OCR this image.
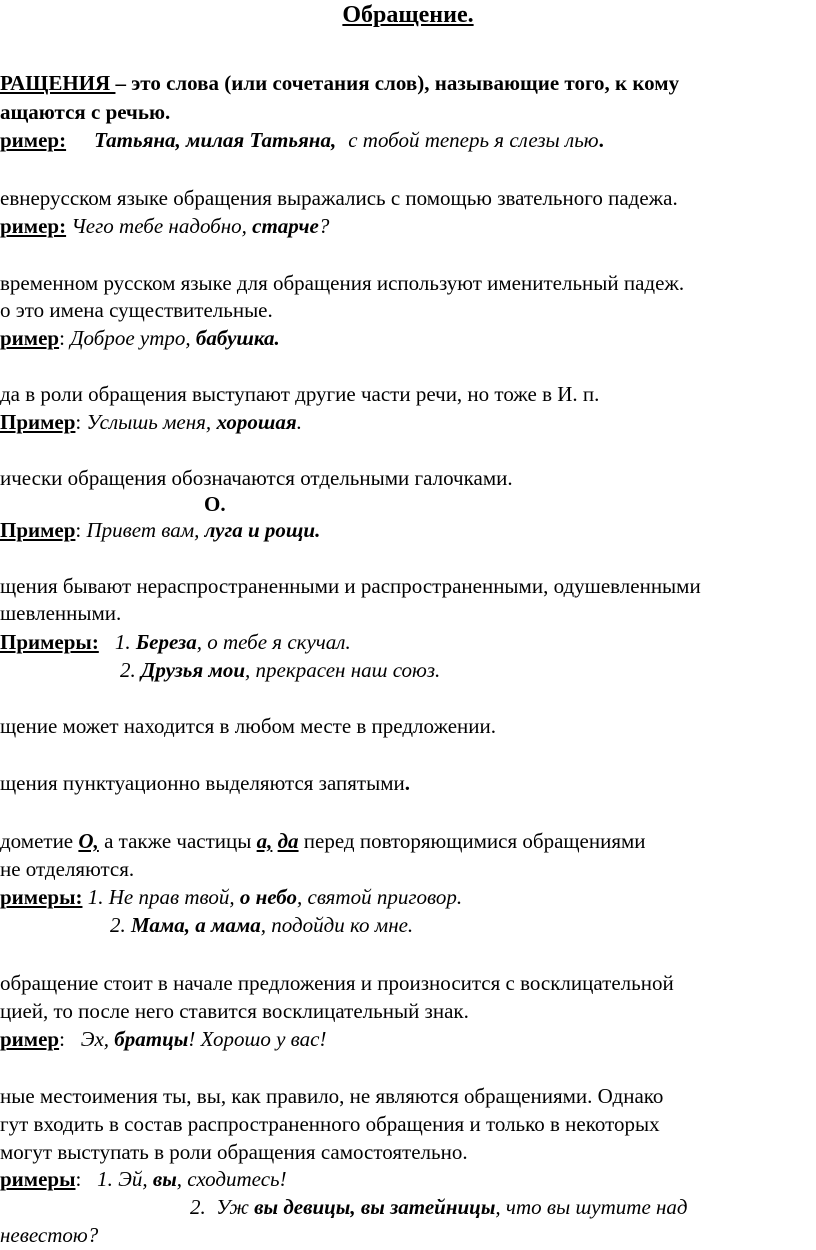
Обращение.
РАЩЕНИЯ – это слова (или сочетания слов), называющие того, к кому
ащаются с речью.
ример: Татьяна, милая Татьяна, с тобой теперь я слезы лью.
евнерусском языке обращения выражались с помощью звательного падежа.
ример: Чего тебе надобно, старче?
временном русском языке для обращения используют именительный падеж.
о это имена существительные.
ример: Доброе утро, бабушка.
да в роли обращения выступают другие части речи, но тоже в И. п.
Пример: Услышь меня, хорошая.
ически обращения обозначаются отдельными галочками.
О.
Пример: Привет вам, луга и рощи.
щения бывают нераспространенными и распространенными, одушевленными
шевленными.
Примеры: 1. Береза, о тебе я скучал.
2. Друзья мои, прекрасен наш союз.
щение может находится в любом месте в предложении.
щения пунктуационно выделяются запятыми.
дометие О, а также частицы а, да перед повторяющимися обращениями
не отделяются.
римеры: 1. Не прав твой, о небо, святой приговор.
2. Мама, а мама, подойди ко мне.
обращение стоит в начале предложения и произносится с восклицательной
цией, то после него ставится восклицательный знак.
ример:   Эх, братцы! Хорошо у вас!
ные местоимения ты, вы, как правило, не являются обращениями. Однако
гут входить в состав распространенного обращения и только в некоторых
могут выступать в роли обращения самостоятельно.
римеры:   1. Эй, вы, сходитесь!
2.  Уж вы девицы, вы затейницы, что вы шутите над
невестою?
